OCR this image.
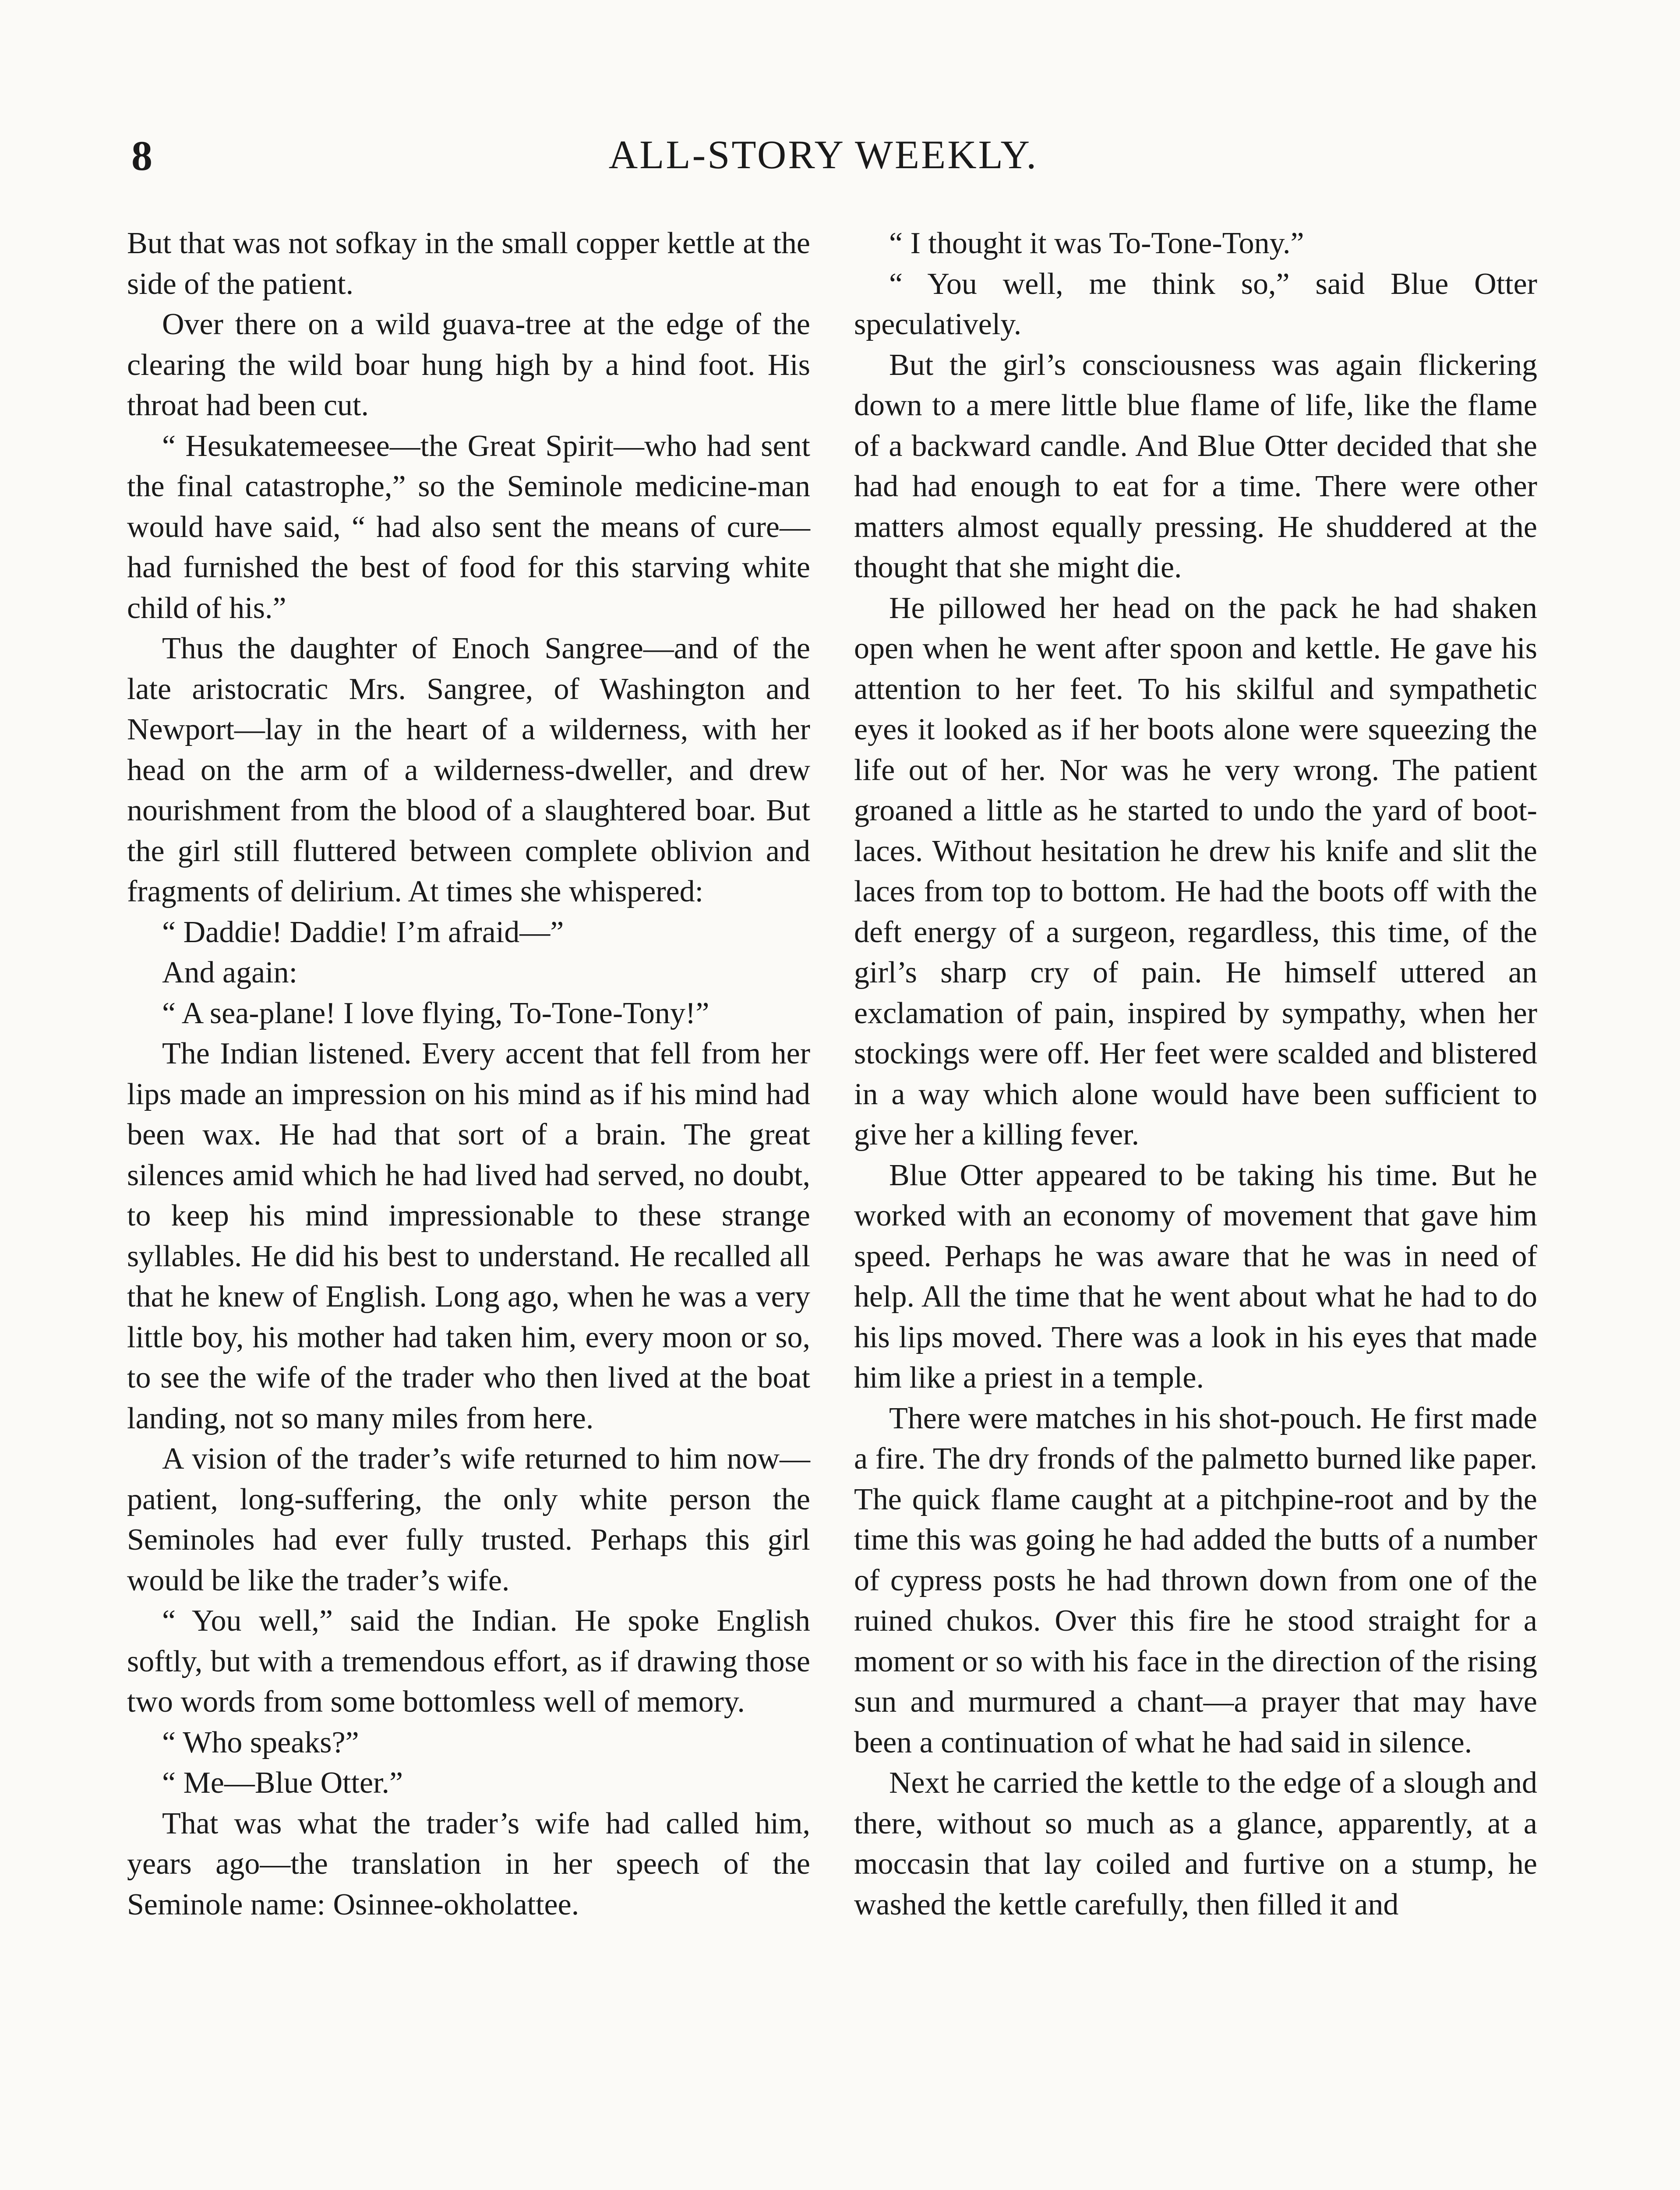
8	ALL-STORY WEEKLY.

But that was not sofkay in the small copper kettle at the side of the patient.

Over there on a wild guava-tree at the edge of the clearing the wild boar hung high by a hind foot. His throat had been cut.

“ Hesukatemeesee—the Great Spirit—who had sent the final catastrophe,” so the Seminole medicine-man would have said, “ had also sent the means of cure—had furnished the best of food for this starving white child of his.”

Thus the daughter of Enoch Sangree—and of the late aristocratic Mrs. Sangree, of Washington and Newport—lay in the heart of a wilderness, with her head on the arm of a wilderness-dweller, and drew nourishment from the blood of a slaughtered boar. But the girl still fluttered between complete oblivion and fragments of delirium. At times she whispered:

“ Daddie! Daddie! I’m afraid—”

And again:

“ A sea-plane! I love flying, To-Tone-Tony!”

The Indian listened. Every accent that fell from her lips made an impression on his mind as if his mind had been wax. He had that sort of a brain. The great silences amid which he had lived had served, no doubt, to keep his mind impressionable to these strange syllables. He did his best to understand. He recalled all that he knew of English. Long ago, when he was a very little boy, his mother had taken him, every moon or so, to see the wife of the trader who then lived at the boat landing, not so many miles from here.

A vision of the trader’s wife returned to him now—patient, long-suffering, the only white person the Seminoles had ever fully trusted. Perhaps this girl would be like the trader’s wife.

“ You well,” said the Indian. He spoke English softly, but with a tremendous effort, as if drawing those two words from some bottomless well of memory.

“ Who speaks?”

“ Me—Blue Otter.”

That was what the trader’s wife had called him, years ago—the translation in her speech of the Seminole name: Osinnee-okholattee.

“ I thought it was To-Tone-Tony.”

“ You well, me think so,” said Blue Otter speculatively.

But the girl’s consciousness was again flickering down to a mere little blue flame of life, like the flame of a backward candle. And Blue Otter decided that she had had enough to eat for a time. There were other matters almost equally pressing. He shuddered at the thought that she might die.

He pillowed her head on the pack he had shaken open when he went after spoon and kettle. He gave his attention to her feet. To his skilful and sympathetic eyes it looked as if her boots alone were squeezing the life out of her. Nor was he very wrong. The patient groaned a little as he started to undo the yard of boot-laces. Without hesitation he drew his knife and slit the laces from top to bottom. He had the boots off with the deft energy of a surgeon, regardless, this time, of the girl’s sharp cry of pain. He himself uttered an exclamation of pain, inspired by sympathy, when her stockings were off. Her feet were scalded and blistered in a way which alone would have been sufficient to give her a killing fever.

Blue Otter appeared to be taking his time. But he worked with an economy of movement that gave him speed. Perhaps he was aware that he was in need of help. All the time that he went about what he had to do his lips moved. There was a look in his eyes that made him like a priest in a temple.

There were matches in his shot-pouch. He first made a fire. The dry fronds of the palmetto burned like paper. The quick flame caught at a pitchpine-root and by the time this was going he had added the butts of a number of cypress posts he had thrown down from one of the ruined chukos. Over this fire he stood straight for a moment or so with his face in the direction of the rising sun and murmured a chant—a prayer that may have been a continuation of what he had said in silence.

Next he carried the kettle to the edge of a slough and there, without so much as a glance, apparently, at a moccasin that lay coiled and furtive on a stump, he washed the kettle carefully, then filled it and
